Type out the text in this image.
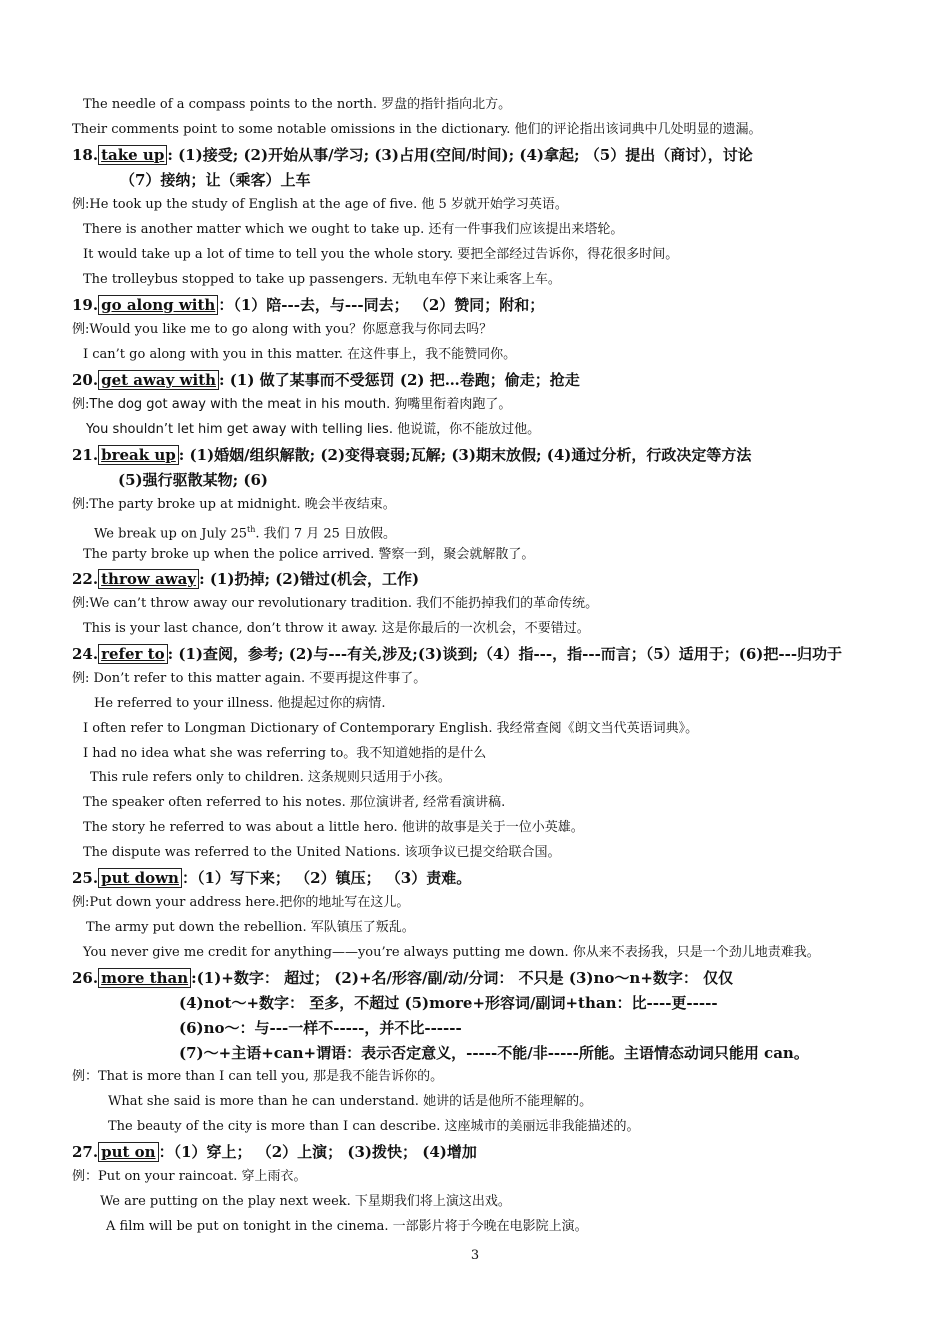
The needle of a compass points to the north. 罗盘的指针指向北方。
Their comments point to some notable omissions in the dictionary. 他们的评论指出该词典中几处明显的遗漏。
18. take up : (1)接受; (2)开始从事/学习; (3)占用(空间/时间); (4)拿起; （5）提出（商讨），讨论
（7）接纳；让（乘客）上车
例:He took up the study of English at the age of five. 他 5 岁就开始学习英语。
There is another matter which we ought to take up. 还有一件事我们应该提出来塔轮。
It would take up a lot of time to tell you the whole story. 要把全部经过告诉你，得花很多时间。
The trolleybus stopped to take up passengers. 无轨电车停下来让乘客上车。
19. go along with ：（1）陪---去，与---同去； （2）赞同；附和；
例:Would you like me to go along with you？你愿意我与你同去吗？
I can’t go along with you in this matter. 在这件事上，我不能赞同你。
20. get away with : (1) 做了某事而不受惩罚 (2) 把…卷跑；偷走；抢走
例:The dog got away with the meat in his mouth. 狗嘴里衔着肉跑了。
You shouldn’t let him get away with telling lies. 他说谎，你不能放过他。
21. break up : (1)婚姻/组织解散; (2)变得衰弱;瓦解; (3)期末放假; (4)通过分析，行政决定等方法
(5)强行驱散某物; (6)
例:The party broke up at midnight. 晚会半夜结束。
We break up on July 25th. 我们 7 月 25 日放假。
The party broke up when the police arrived. 警察一到，聚会就解散了。
22. throw away : (1)扔掉; (2)错过(机会，工作)
例:We can’t throw away our revolutionary tradition. 我们不能扔掉我们的革命传统。
This is your last chance, don’t throw it away. 这是你最后的一次机会，不要错过。
24. refer to : (1)查阅，参考; (2)与---有关,涉及;(3)谈到;（4）指---，指---而言；（5）适用于；(6)把---归功于
例: Don’t refer to this matter again. 不要再提这件事了。
He referred to your illness. 他提起过你的病情.
I often refer to Longman Dictionary of Contemporary English. 我经常查阅《朗文当代英语词典》。
I had no idea what she was referring to。我不知道她指的是什么
This rule refers only to children. 这条规则只适用于小孩。
The speaker often referred to his notes. 那位演讲者, 经常看演讲稿.
The story he referred to was about a little hero. 他讲的故事是关于一位小英雄。
The dispute was referred to the United Nations. 该项争议已提交给联合国。
25. put down ：（1）写下来； （2）镇压； （3）责难。
例:Put down your address here.把你的地址写在这儿。
The army put down the rebellion. 军队镇压了叛乱。
You never give me credit for anything——you’re always putting me down. 你从来不表扬我，只是一个劲儿地责难我。
26. more than :(1)+数字： 超过； (2)+名/形容/副/动/分词： 不只是 (3)no～n+数字： 仅仅
(4)not～+数字： 至多，不超过 (5)more+形容词/副词+than：比----更-----
(6)no～：与---一样不-----，并不比------
(7)～+主语+can+谓语：表示否定意义，-----不能/非-----所能。主语情态动词只能用 can。
例：That is more than I can tell you, 那是我不能告诉你的。
What she said is more than he can understand. 她讲的话是他所不能理解的。
The beauty of the city is more than I can describe. 这座城市的美丽远非我能描述的。
27. put on ：（1）穿上； （2）上演； (3)拨快； (4)增加
例：Put on your raincoat. 穿上雨衣。
We are putting on the play next week. 下星期我们将上演这出戏。
A film will be put on tonight in the cinema. 一部影片将于今晚在电影院上演。
3
